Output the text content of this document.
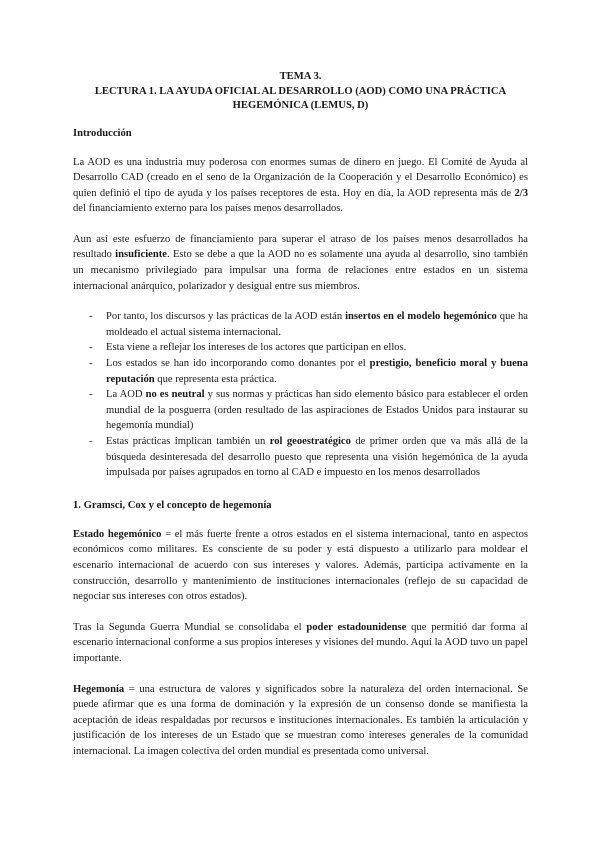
TEMA 3.

LECTURA 1. LA AYUDA OFICIAL AL DESARROLLO (AOD) COMO UNA PRÁCTICA

HEGEMÓNICA (LEMUS, D)

Introducción

La AOD es una industria muy poderosa con enormes sumas de dinero en juego. El Comité de Ayuda al Desarrollo CAD (creado en el seno de la Organización de la Cooperación y el Desarrollo Económico) es quien definió el tipo de ayuda y los países receptores de esta. Hoy en día, la AOD representa más de 2/3 del financiamiento externo para los países menos desarrollados.

Aun así este esfuerzo de financiamiento para superar el atraso de los países menos desarrollados ha resultado insuficiente. Esto se debe a que la AOD no es solamente una ayuda al desarrollo, sino también un mecanismo privilegiado para impulsar una forma de relaciones entre estados en un sistema internacional anárquico, polarizador y desigual entre sus miembros.

- Por tanto, los discursos y las prácticas de la AOD están insertos en el modelo hegemónico que ha moldeado el actual sistema internacional.
- Esta viene a reflejar los intereses de los actores que participan en ellos.
- Los estados se han ido incorporando como donantes por el prestigio, beneficio moral y buena reputación que representa esta práctica.
- La AOD no es neutral y sus normas y prácticas han sido elemento básico para establecer el orden mundial de la posguerra (orden resultado de las aspiraciones de Estados Unidos para instaurar su hegemonía mundial)
- Estas prácticas implican también un rol geoestratégico de primer orden que va más allá de la búsqueda desinteresada del desarrollo puesto que representa una visión hegemónica de la ayuda impulsada por países agrupados en torno al CAD e impuesto en los menos desarrollados
1. Gramsci, Cox y el concepto de hegemonía

Estado hegemónico = el más fuerte frente a otros estados en el sistema internacional, tanto en aspectos económicos como militares. Es consciente de su poder y está dispuesto a utilizarlo para moldear el escenario internacional de acuerdo con sus intereses y valores. Además, participa activamente en la construcción, desarrollo y mantenimiento de instituciones internacionales (reflejo de su capacidad de negociar sus intereses con otros estados).

Tras la Segunda Guerra Mundial se consolidaba el poder estadounidense que permitió dar forma al escenario internacional conforme a sus propios intereses y visiones del mundo. Aquí la AOD tuvo un papel importante.

Hegemonía = una estructura de valores y significados sobre la naturaleza del orden internacional. Se puede afirmar que es una forma de dominación y la expresión de un consenso donde se manifiesta la aceptación de ideas respaldadas por recursos e instituciones internacionales. Es también la articulación y justificación de los intereses de un Estado que se muestran como intereses generales de la comunidad internacional. La imagen colectiva del orden mundial es presentada como universal.
